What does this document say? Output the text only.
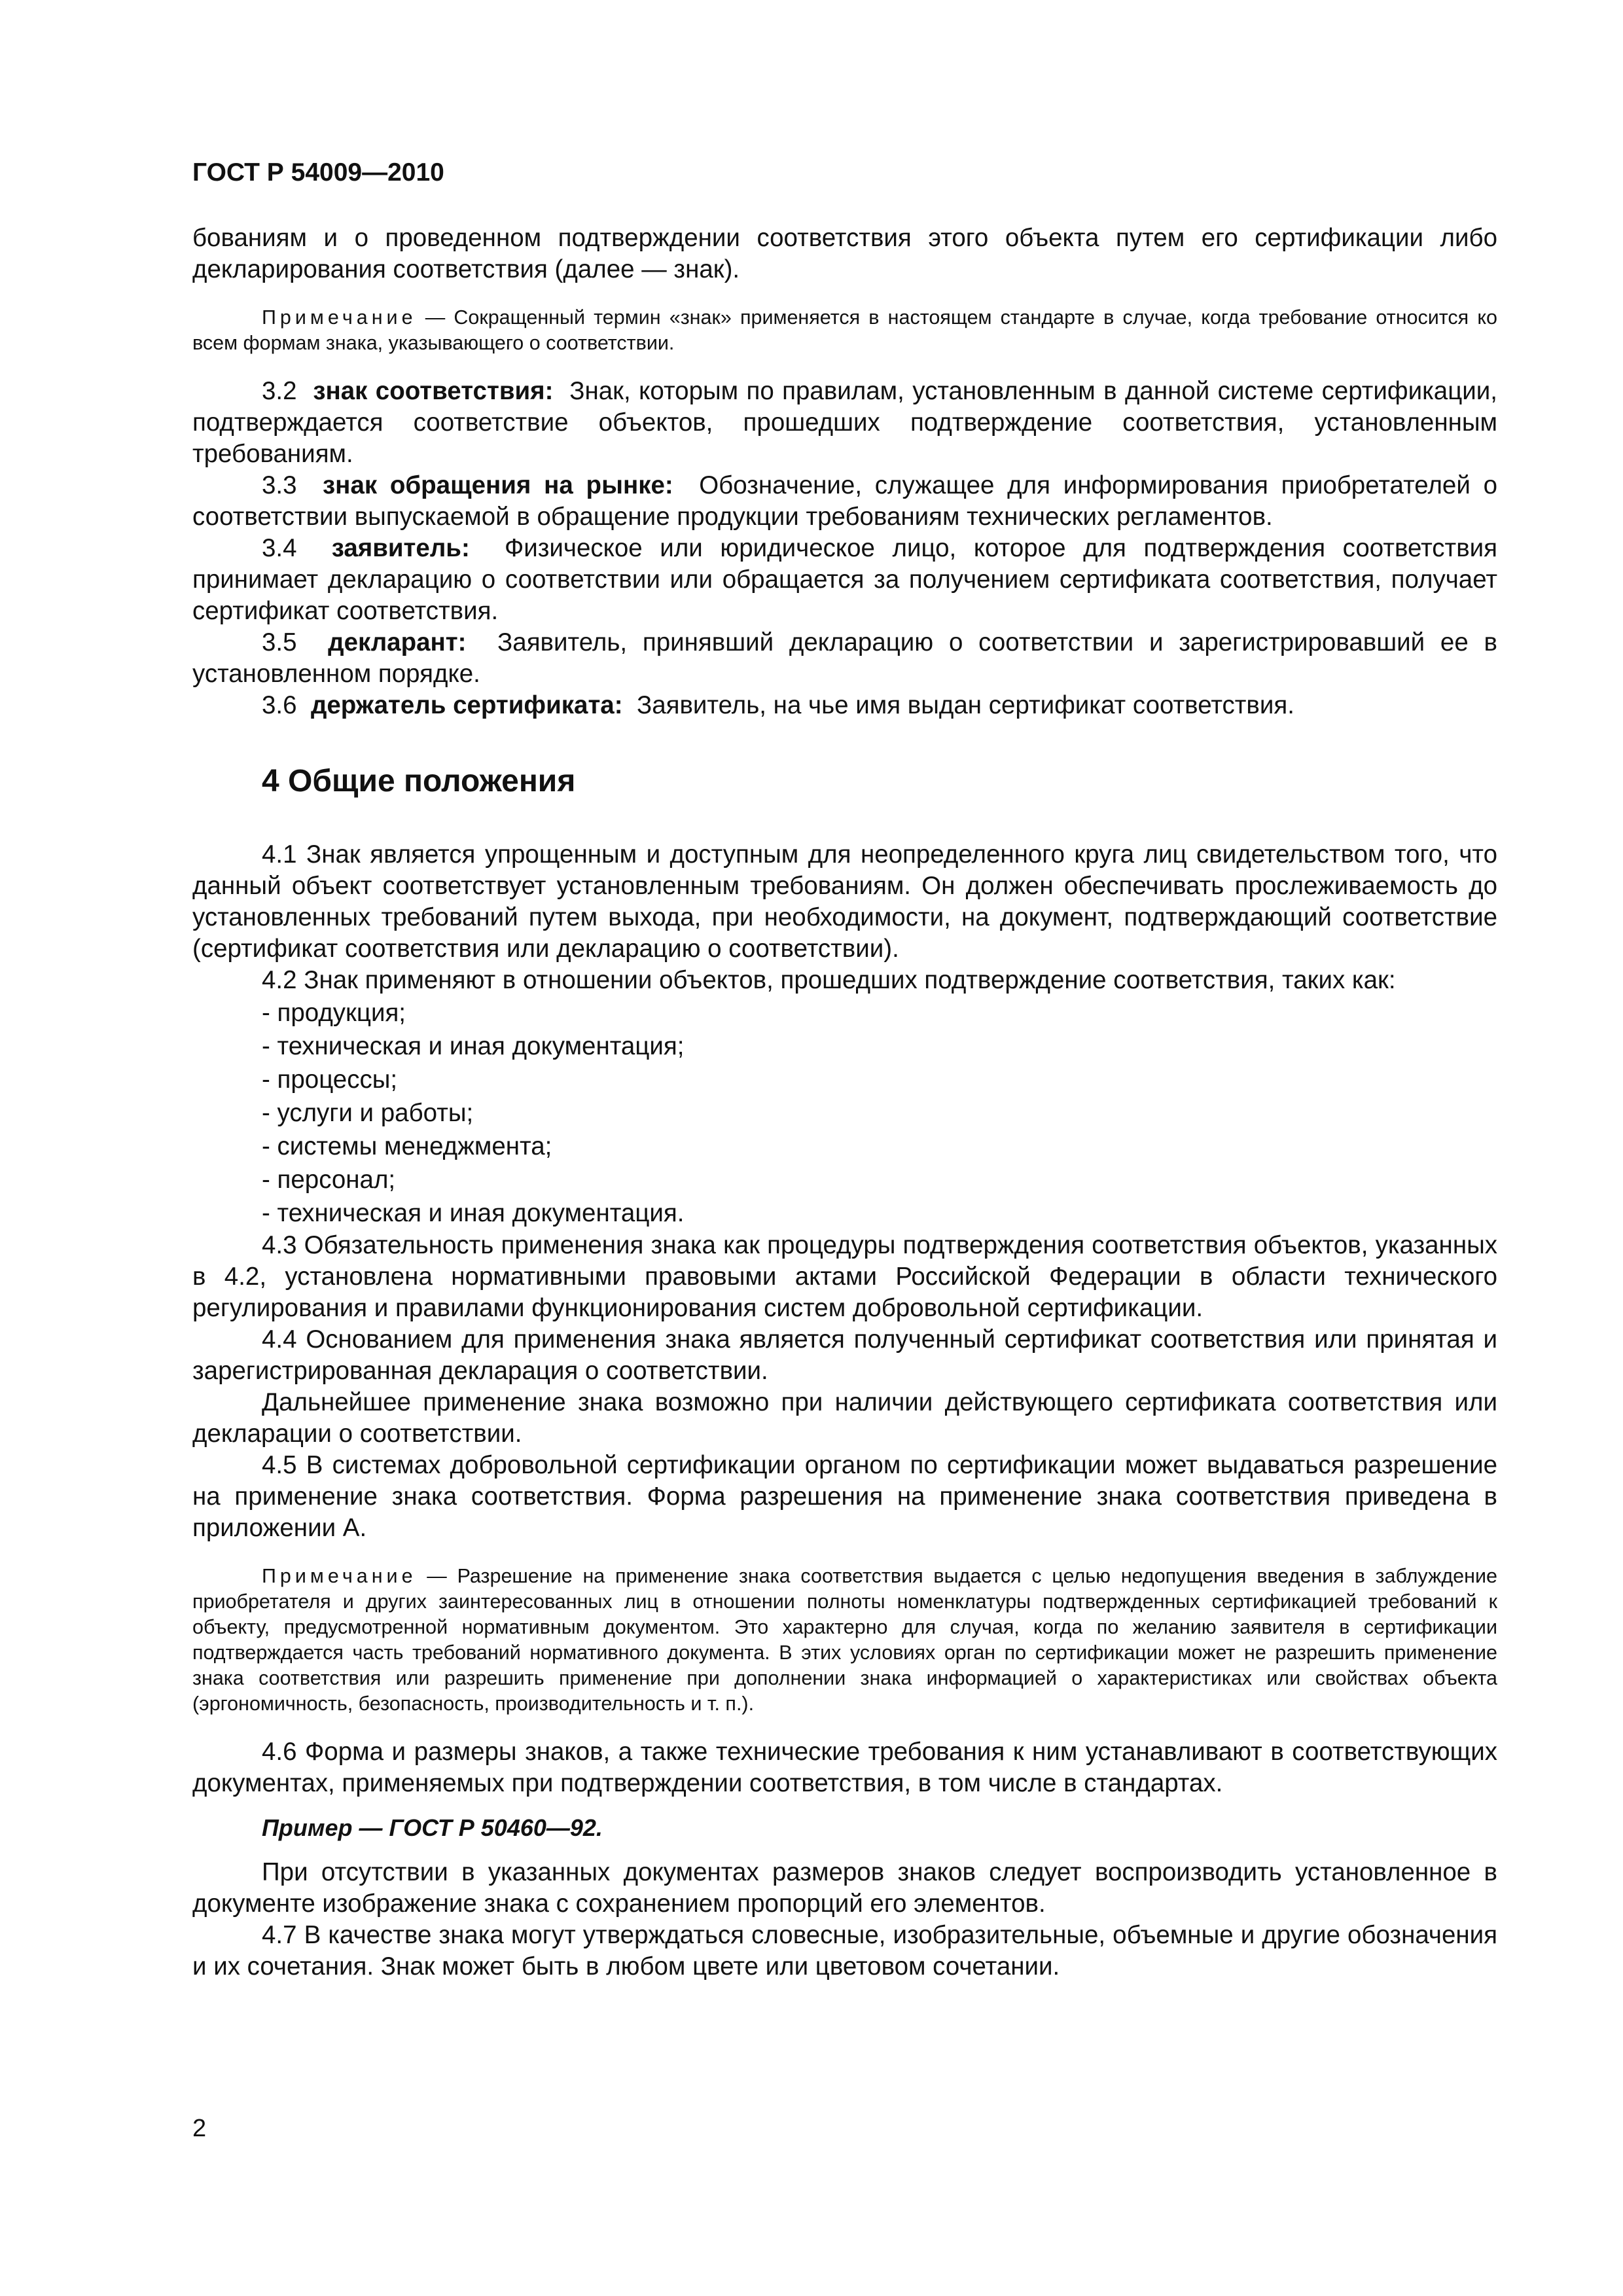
ГОСТ Р 54009—2010

бованиям и о проведенном подтверждении соответствия этого объекта путем его сертификации либо декларирования соответствия (далее — знак).

Примечание — Сокращенный термин «знак» применяется в настоящем стандарте в случае, когда требование относится ко всем формам знака, указывающего о соответствии.

3.2 знак соответствия: Знак, которым по правилам, установленным в данной системе сертификации, подтверждается соответствие объектов, прошедших подтверждение соответствия, установленным требованиям.

3.3 знак обращения на рынке: Обозначение, служащее для информирования приобретателей о соответствии выпускаемой в обращение продукции требованиям технических регламентов.

3.4 заявитель: Физическое или юридическое лицо, которое для подтверждения соответствия принимает декларацию о соответствии или обращается за получением сертификата соответствия, получает сертификат соответствия.

3.5 декларант: Заявитель, принявший декларацию о соответствии и зарегистрировавший ее в установленном порядке.

3.6 держатель сертификата: Заявитель, на чье имя выдан сертификат соответствия.

4 Общие положения

4.1 Знак является упрощенным и доступным для неопределенного круга лиц свидетельством того, что данный объект соответствует установленным требованиям. Он должен обеспечивать прослеживаемость до установленных требований путем выхода, при необходимости, на документ, подтверждающий соответствие (сертификат соответствия или декларацию о соответствии).

4.2 Знак применяют в отношении объектов, прошедших подтверждение соответствия, таких как:

- продукция;
- техническая и иная документация;
- процессы;
- услуги и работы;
- системы менеджмента;
- персонал;
- техническая и иная документация.

4.3 Обязательность применения знака как процедуры подтверждения соответствия объектов, указанных в 4.2, установлена нормативными правовыми актами Российской Федерации в области технического регулирования и правилами функционирования систем добровольной сертификации.

4.4 Основанием для применения знака является полученный сертификат соответствия или принятая и зарегистрированная декларация о соответствии.

Дальнейшее применение знака возможно при наличии действующего сертификата соответствия или декларации о соответствии.

4.5 В системах добровольной сертификации органом по сертификации может выдаваться разрешение на применение знака соответствия. Форма разрешения на применение знака соответствия приведена в приложении А.

Примечание — Разрешение на применение знака соответствия выдается с целью недопущения введения в заблуждение приобретателя и других заинтересованных лиц в отношении полноты номенклатуры подтвержденных сертификацией требований к объекту, предусмотренной нормативным документом. Это характерно для случая, когда по желанию заявителя в сертификации подтверждается часть требований нормативного документа. В этих условиях орган по сертификации может не разрешить применение знака соответствия или разрешить применение при дополнении знака информацией о характеристиках или свойствах объекта (эргономичность, безопасность, производительность и т. п.).

4.6 Форма и размеры знаков, а также технические требования к ним устанавливают в соответствующих документах, применяемых при подтверждении соответствия, в том числе в стандартах.

Пример — ГОСТ Р 50460—92.

При отсутствии в указанных документах размеров знаков следует воспроизводить установленное в документе изображение знака с сохранением пропорций его элементов.

4.7 В качестве знака могут утверждаться словесные, изобразительные, объемные и другие обозначения и их сочетания. Знак может быть в любом цвете или цветовом сочетании.

2
